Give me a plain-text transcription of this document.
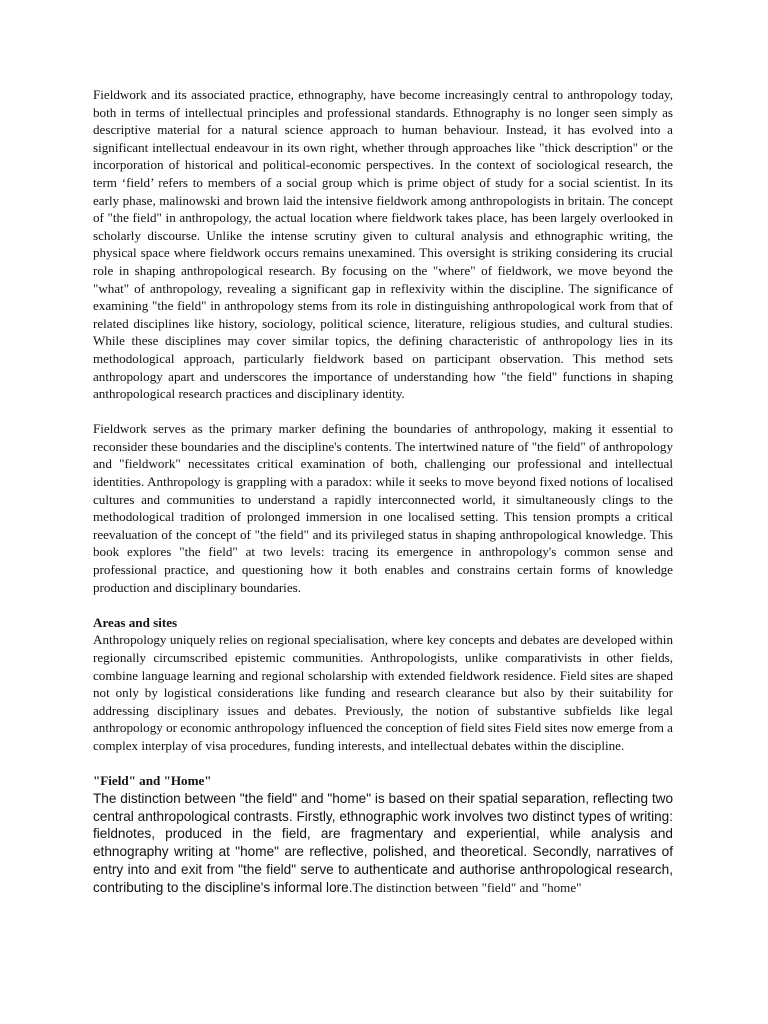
Fieldwork and its associated practice, ethnography, have become increasingly central to anthropology today, both in terms of intellectual principles and professional standards. Ethnography is no longer seen simply as descriptive material for a natural science approach to human behaviour. Instead, it has evolved into a significant intellectual endeavour in its own right, whether through approaches like "thick description" or the incorporation of historical and political-economic perspectives. In the context of sociological research, the term ‘field’ refers to members of a social group which is prime object of study for a social scientist. In its early phase, malinowski and brown laid the intensive fieldwork among anthropologists in britain. The concept of "the field" in anthropology, the actual location where fieldwork takes place, has been largely overlooked in scholarly discourse. Unlike the intense scrutiny given to cultural analysis and ethnographic writing, the physical space where fieldwork occurs remains unexamined. This oversight is striking considering its crucial role in shaping anthropological research. By focusing on the "where" of fieldwork, we move beyond the "what" of anthropology, revealing a significant gap in reflexivity within the discipline. The significance of examining "the field" in anthropology stems from its role in distinguishing anthropological work from that of related disciplines like history, sociology, political science, literature, religious studies, and cultural studies. While these disciplines may cover similar topics, the defining characteristic of anthropology lies in its methodological approach, particularly fieldwork based on participant observation. This method sets anthropology apart and underscores the importance of understanding how "the field" functions in shaping anthropological research practices and disciplinary identity.

Fieldwork serves as the primary marker defining the boundaries of anthropology, making it essential to reconsider these boundaries and the discipline's contents. The intertwined nature of "the field" of anthropology and "fieldwork" necessitates critical examination of both, challenging our professional and intellectual identities. Anthropology is grappling with a paradox: while it seeks to move beyond fixed notions of localised cultures and communities to understand a rapidly interconnected world, it simultaneously clings to the methodological tradition of prolonged immersion in one localised setting. This tension prompts a critical reevaluation of the concept of "the field" and its privileged status in shaping anthropological knowledge. This book explores "the field" at two levels: tracing its emergence in anthropology's common sense and professional practice, and questioning how it both enables and constrains certain forms of knowledge production and disciplinary boundaries.

Areas and sites

Anthropology uniquely relies on regional specialisation, where key concepts and debates are developed within regionally circumscribed epistemic communities. Anthropologists, unlike comparativists in other fields, combine language learning and regional scholarship with extended fieldwork residence. Field sites are shaped not only by logistical considerations like funding and research clearance but also by their suitability for addressing disciplinary issues and debates. Previously, the notion of substantive subfields like legal anthropology or economic anthropology influenced the conception of field sites Field sites now emerge from a complex interplay of visa procedures, funding interests, and intellectual debates within the discipline.

"Field" and "Home"

The distinction between "the field" and "home" is based on their spatial separation, reflecting two central anthropological contrasts. Firstly, ethnographic work involves two distinct types of writing: fieldnotes, produced in the field, are fragmentary and experiential, while analysis and ethnography writing at "home" are reflective, polished, and theoretical. Secondly, narratives of entry into and exit from "the field" serve to authenticate and authorise anthropological research, contributing to the discipline's informal lore.The distinction between "field" and "home"
